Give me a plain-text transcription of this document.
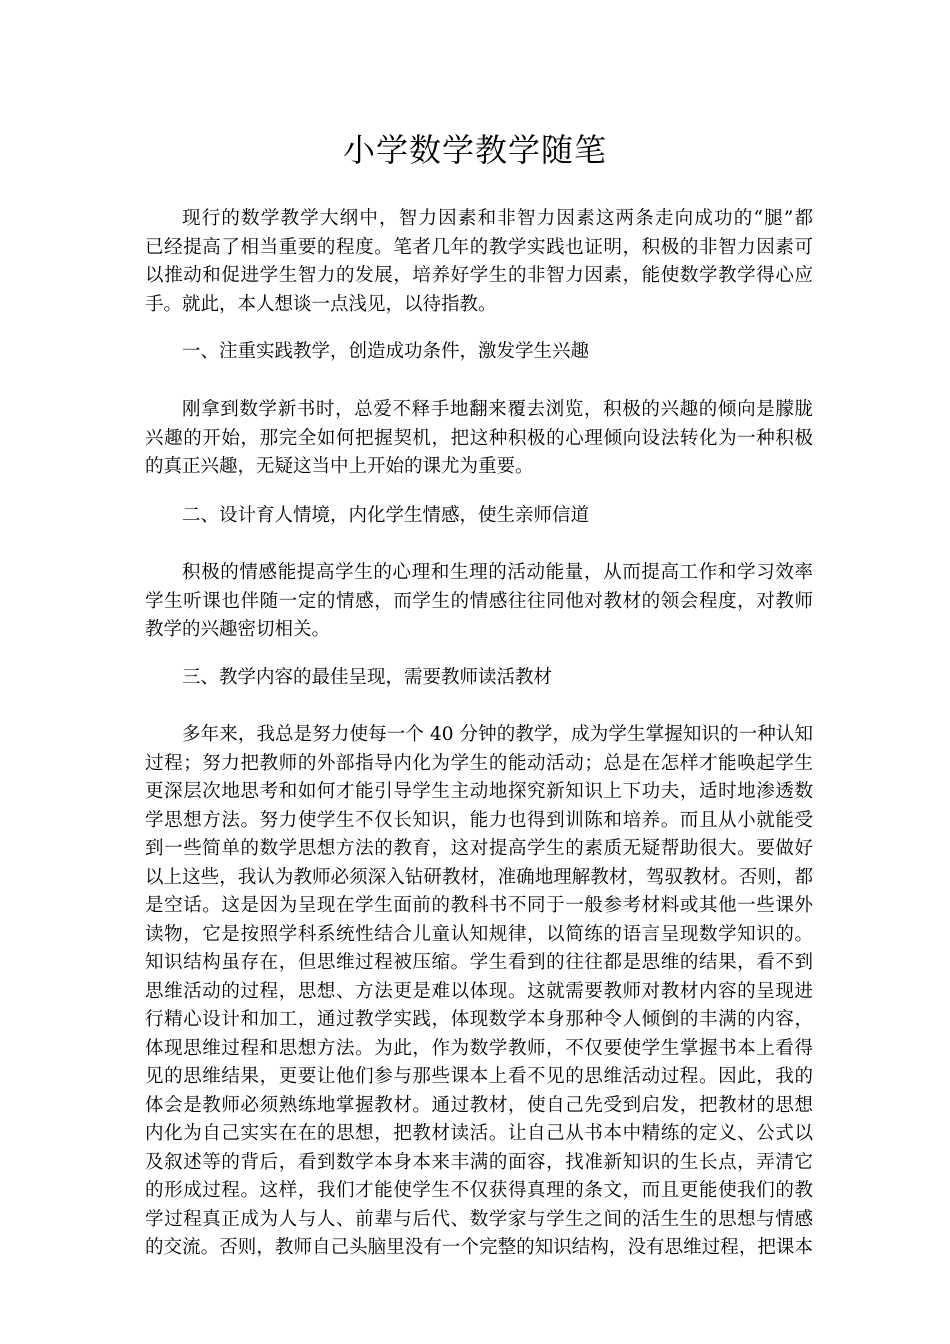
小学数学教学随笔
现行的数学教学大纲中，智力因素和非智力因素这两条走向成功的“腿”都
已经提高了相当重要的程度。笔者几年的教学实践也证明，积极的非智力因素可
以推动和促进学生智力的发展，培养好学生的非智力因素，能使数学教学得心应
手。就此，本人想谈一点浅见，以待指教。

一、注重实践教学，创造成功条件，激发学生兴趣

刚拿到数学新书时，总爱不释手地翻来覆去浏览，积极的兴趣的倾向是朦胧
兴趣的开始，那完全如何把握契机，把这种积极的心理倾向设法转化为一种积极
的真正兴趣，无疑这当中上开始的课尤为重要。

二、设计育人情境，内化学生情感，使生亲师信道

积极的情感能提高学生的心理和生理的活动能量，从而提高工作和学习效率
学生听课也伴随一定的情感，而学生的情感往往同他对教材的领会程度，对教师
教学的兴趣密切相关。

三、教学内容的最佳呈现，需要教师读活教材

多年来，我总是努力使每一个 40 分钟的教学，成为学生掌握知识的一种认知
过程；努力把教师的外部指导内化为学生的能动活动；总是在怎样才能唤起学生
更深层次地思考和如何才能引导学生主动地探究新知识上下功夫，适时地渗透数
学思想方法。努力使学生不仅长知识，能力也得到训陈和培养。而且从小就能受
到一些简单的数学思想方法的教育，这对提高学生的素质无疑帮助很大。要做好
以上这些，我认为教师必须深入钻研教材，准确地理解教材，驾驭教材。否则，都
是空话。这是因为呈现在学生面前的教科书不同于一般参考材料或其他一些课外
读物，它是按照学科系统性结合儿童认知规律，以简练的语言呈现数学知识的。
知识结构虽存在，但思维过程被压缩。学生看到的往往都是思维的结果，看不到
思维活动的过程，思想、方法更是难以体现。这就需要教师对教材内容的呈现进
行精心设计和加工，通过教学实践，体现数学本身那种令人倾倒的丰满的内容，
体现思维过程和思想方法。为此，作为数学教师，不仅要使学生掌握书本上看得
见的思维结果，更要让他们参与那些课本上看不见的思维活动过程。因此，我的
体会是教师必须熟练地掌握教材。通过教材，使自己先受到启发，把教材的思想
内化为自己实实在在的思想，把教材读活。让自己从书本中精练的定义、公式以
及叙述等的背后，看到数学本身本来丰满的面容，找准新知识的生长点，弄清它
的形成过程。这样，我们才能使学生不仅获得真理的条文，而且更能使我们的教
学过程真正成为人与人、前辈与后代、数学家与学生之间的活生生的思想与情感
的交流。否则，教师自己头脑里没有一个完整的知识结构，没有思维过程，把课本
